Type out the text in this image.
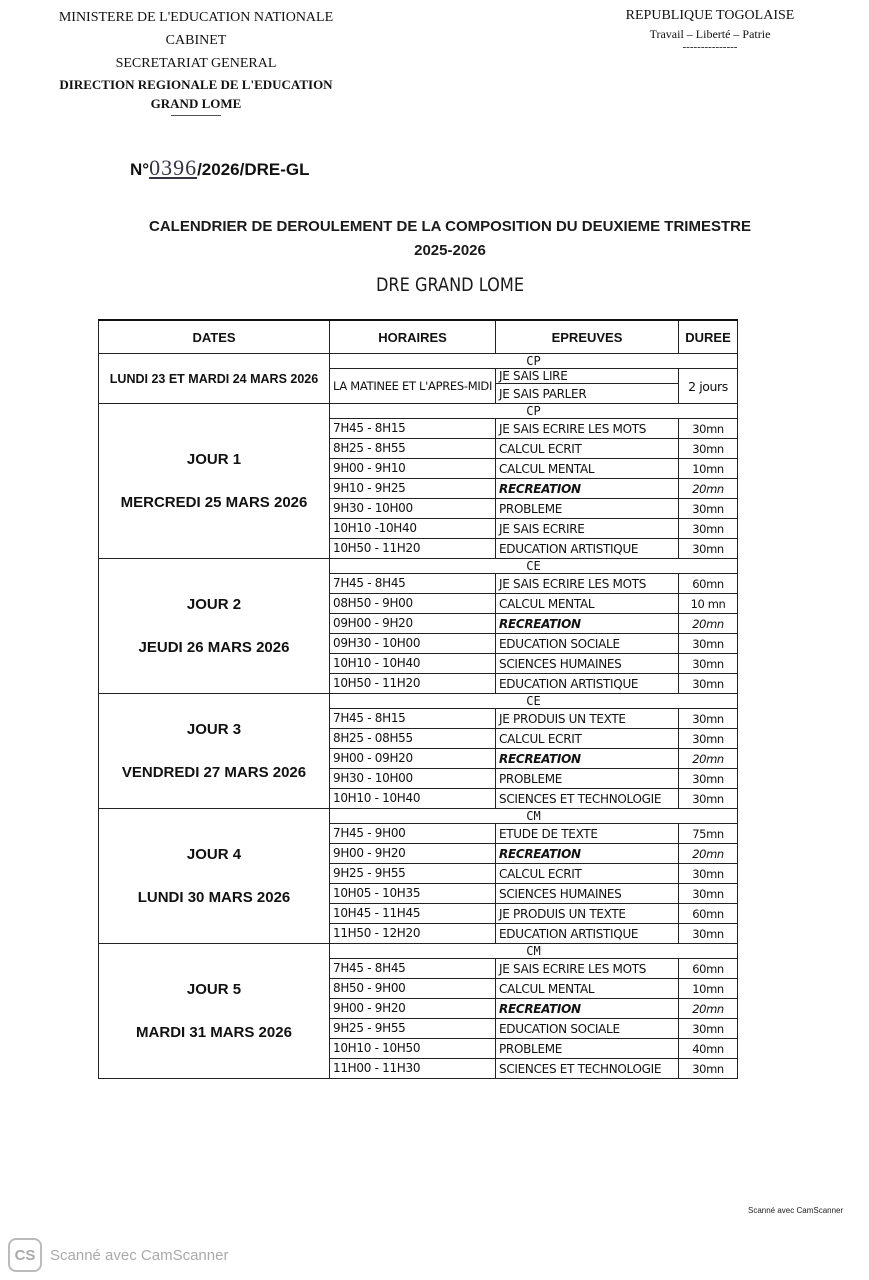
MINISTERE DE L'EDUCATION NATIONALE
CABINET
SECRETARIAT GENERAL
DIRECTION REGIONALE DE L'EDUCATION
GRAND LOME
REPUBLIQUE TOGOLAISE
Travail – Liberté – Patrie
---------------
N°0396/2026/DRE-GL
CALENDRIER DE DEROULEMENT DE LA COMPOSITION DU DEUXIEME TRIMESTRE
2025-2026
DRE GRAND LOME
DATES	HORAIRES	EPREUVES	DUREE
LUNDI 23 ET MARDI 24 MARS 2026	CP		
	LA MATINEE ET L'APRES-MIDI	JE SAIS LIRE	2 jours
		JE SAIS PARLER	

JOUR 1
MERCREDI 25 MARS 2026	CP		
	7H45 - 8H15	JE SAIS ECRIRE LES MOTS	30mn
	8H25 - 8H55	CALCUL ECRIT	30mn
	9H00 - 9H10	CALCUL MENTAL	10mn
	9H10 - 9H25	RECREATION	20mn
	9H30 - 10H00	PROBLEME	30mn
	10H10 -10H40	JE SAIS ECRIRE	30mn
	10H50 - 11H20	EDUCATION ARTISTIQUE	30mn

JOUR 2
JEUDI 26 MARS 2026	CE		
	7H45 - 8H45	JE SAIS ECRIRE LES MOTS	60mn
	08H50 - 9H00	CALCUL MENTAL	10 mn
	09H00 - 9H20	RECREATION	20mn
	09H30 - 10H00	EDUCATION SOCIALE	30mn
	10H10 - 10H40	SCIENCES HUMAINES	30mn
	10H50 - 11H20	EDUCATION ARTISTIQUE	30mn

JOUR 3
VENDREDI 27 MARS 2026	CE		
	7H45 - 8H15	JE PRODUIS UN TEXTE	30mn
	8H25 - 08H55	CALCUL ECRIT	30mn
	9H00 - 09H20	RECREATION	20mn
	9H30 - 10H00	PROBLEME	30mn
	10H10 - 10H40	SCIENCES ET TECHNOLOGIE	30mn

JOUR 4
LUNDI 30 MARS 2026	CM		
	7H45 - 9H00	ETUDE DE TEXTE	75mn
	9H00 - 9H20	RECREATION	20mn
	9H25 - 9H55	CALCUL ECRIT	30mn
	10H05 - 10H35	SCIENCES HUMAINES	30mn
	10H45 - 11H45	JE PRODUIS UN TEXTE	60mn
	11H50 - 12H20	EDUCATION ARTISTIQUE	30mn

JOUR 5
MARDI 31 MARS 2026	CM		
	7H45 - 8H45	JE SAIS ECRIRE LES MOTS	60mn
	8H50 - 9H00	CALCUL MENTAL	10mn
	9H00 - 9H20	RECREATION	20mn
	9H25 - 9H55	EDUCATION SOCIALE	30mn
	10H10 - 10H50	PROBLEME	40mn
	11H00 - 11H30	SCIENCES ET TECHNOLOGIE	30mn
Scanné avec CamScanner
CS Scanné avec CamScanner
